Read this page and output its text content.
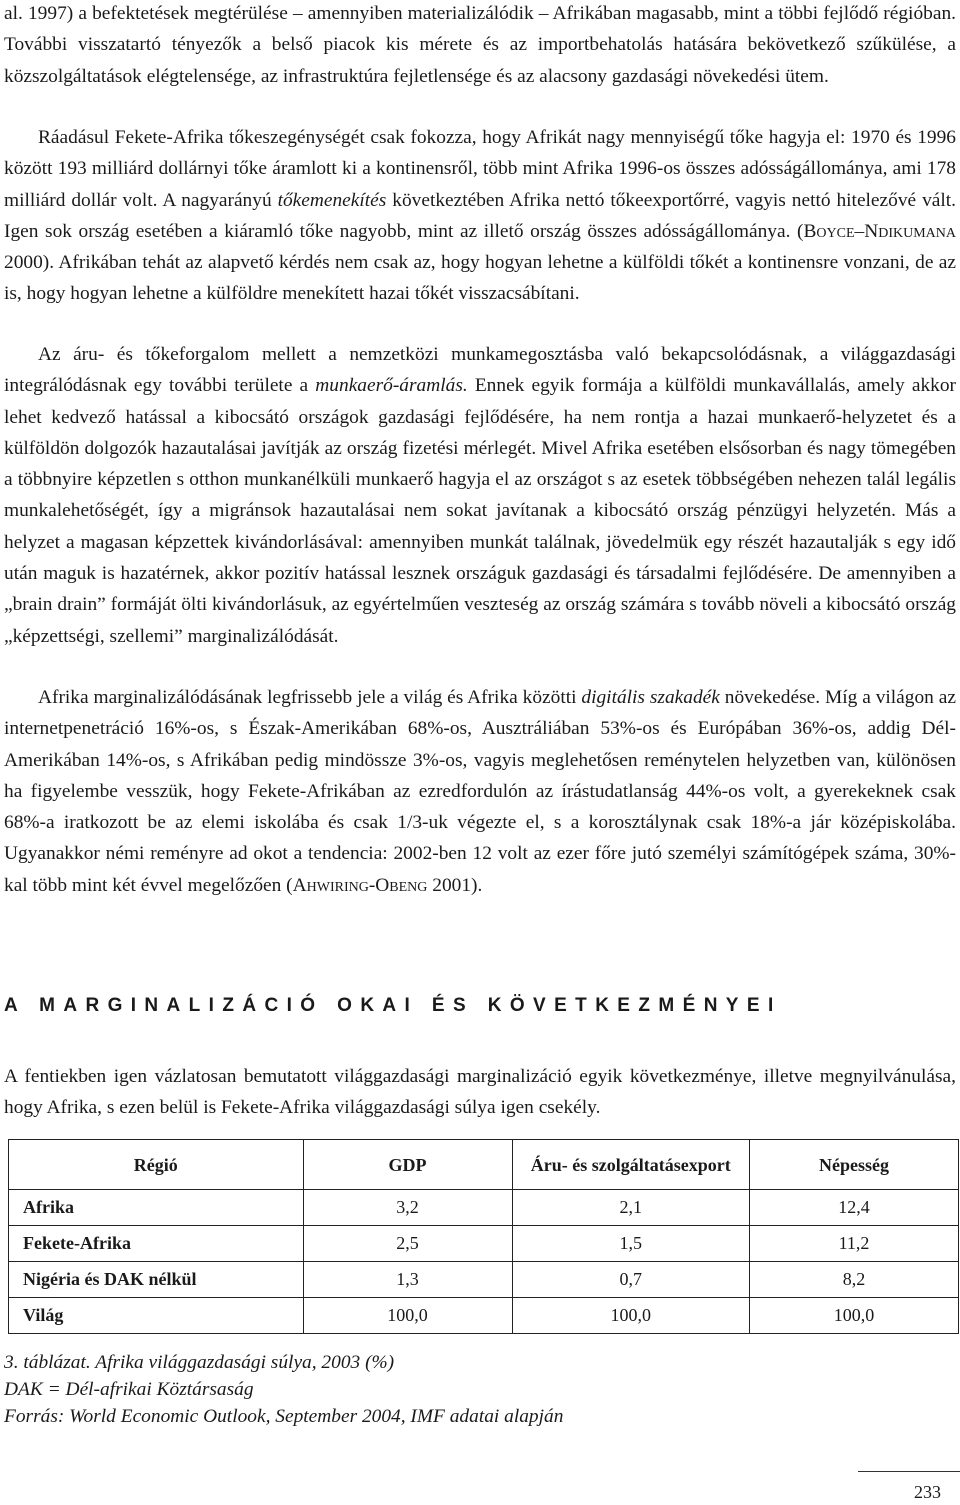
al. 1997) a befektetések megtérülése – amennyiben materializálódik – Afrikában magasabb, mint a többi fejlődő régióban. További visszatartó tényezők a belső piacok kis mérete és az importbehatolás hatására bekövetkező szűkülése, a közszolgáltatások elégtelensége, az infrastruktúra fejletlensége és az alacsony gazdasági növekedési ütem.

Ráadásul Fekete-Afrika tőkeszegénységét csak fokozza, hogy Afrikát nagy mennyiségű tőke hagyja el: 1970 és 1996 között 193 milliárd dollárnyi tőke áramlott ki a kontinensről, több mint Afrika 1996-os összes adósságállománya, ami 178 milliárd dollár volt. A nagyarányú tőkemenekítés következtében Afrika nettó tőkeexportőrré, vagyis nettó hitelezővé vált. Igen sok ország esetében a kiáramló tőke nagyobb, mint az illető ország összes adósságállománya. (Boyce–Ndikumana 2000). Afrikában tehát az alapvető kérdés nem csak az, hogy hogyan lehetne a külföldi tőkét a kontinensre vonzani, de az is, hogy hogyan lehetne a külföldre menekített hazai tőkét visszacsábítani.

Az áru- és tőkeforgalom mellett a nemzetközi munkamegosztásba való bekapcsolódásnak, a világgazdasági integrálódásnak egy további területe a munkaerő-áramlás. Ennek egyik formája a külföldi munkavállalás, amely akkor lehet kedvező hatással a kibocsátó országok gazdasági fejlődésére, ha nem rontja a hazai munkaerő-helyzetet és a külföldön dolgozók hazautalásai javítják az ország fizetési mérlegét. Mivel Afrika esetében elsősorban és nagy tömegében a többnyire képzetlen s otthon munkanélküli munkaerő hagyja el az országot s az esetek többségében nehezen talál legális munkalehetőségét, így a migránsok hazautalásai nem sokat javítanak a kibocsátó ország pénzügyi helyzetén. Más a helyzet a magasan képzettek kivándorlásával: amennyiben munkát találnak, jövedelmük egy részét hazautalják s egy idő után maguk is hazatérnek, akkor pozitív hatással lesznek országuk gazdasági és társadalmi fejlődésére. De amennyiben a „brain drain” formáját ölti kivándorlásuk, az egyértelműen veszteség az ország számára s tovább növeli a kibocsátó ország „képzettségi, szellemi” marginalizálódását.

Afrika marginalizálódásának legfrissebb jele a világ és Afrika közötti digitális szakadék növekedése. Míg a világon az internetpenetráció 16%-os, s Észak-Amerikában 68%-os, Ausztráliában 53%-os és Európában 36%-os, addig Dél-Amerikában 14%-os, s Afrikában pedig mindössze 3%-os, vagyis meglehetősen reménytelen helyzetben van, különösen ha figyelembe vesszük, hogy Fekete-Afrikában az ezredfordulón az írástudatlanság 44%-os volt, a gyerekeknek csak 68%-a iratkozott be az elemi iskolába és csak 1/3-uk végezte el, s a korosztálynak csak 18%-a jár középiskolába. Ugyanakkor némi reményre ad okot a tendencia: 2002-ben 12 volt az ezer főre jutó személyi számítógépek száma, 30%-kal több mint két évvel megelőzően (Ahwiring-Obeng 2001).

A MARGINALIZÁCIÓ OKAI ÉS KÖVETKEZMÉNYEI

A fentiekben igen vázlatosan bemutatott világgazdasági marginalizáció egyik következménye, illetve megnyilvánulása, hogy Afrika, s ezen belül is Fekete-Afrika világgazdasági súlya igen csekély.

Régió	GDP	Áru- és szolgáltatásexport	Népesség
Afrika	3,2	2,1	12,4
Fekete-Afrika	2,5	1,5	11,2
Nigéria és DAK nélkül	1,3	0,7	8,2
Világ	100,0	100,0	100,0
3. táblázat. Afrika világgazdasági súlya, 2003 (%)
DAK = Dél-afrikai Köztársaság
Forrás: World Economic Outlook, September 2004, IMF adatai alapján
233
